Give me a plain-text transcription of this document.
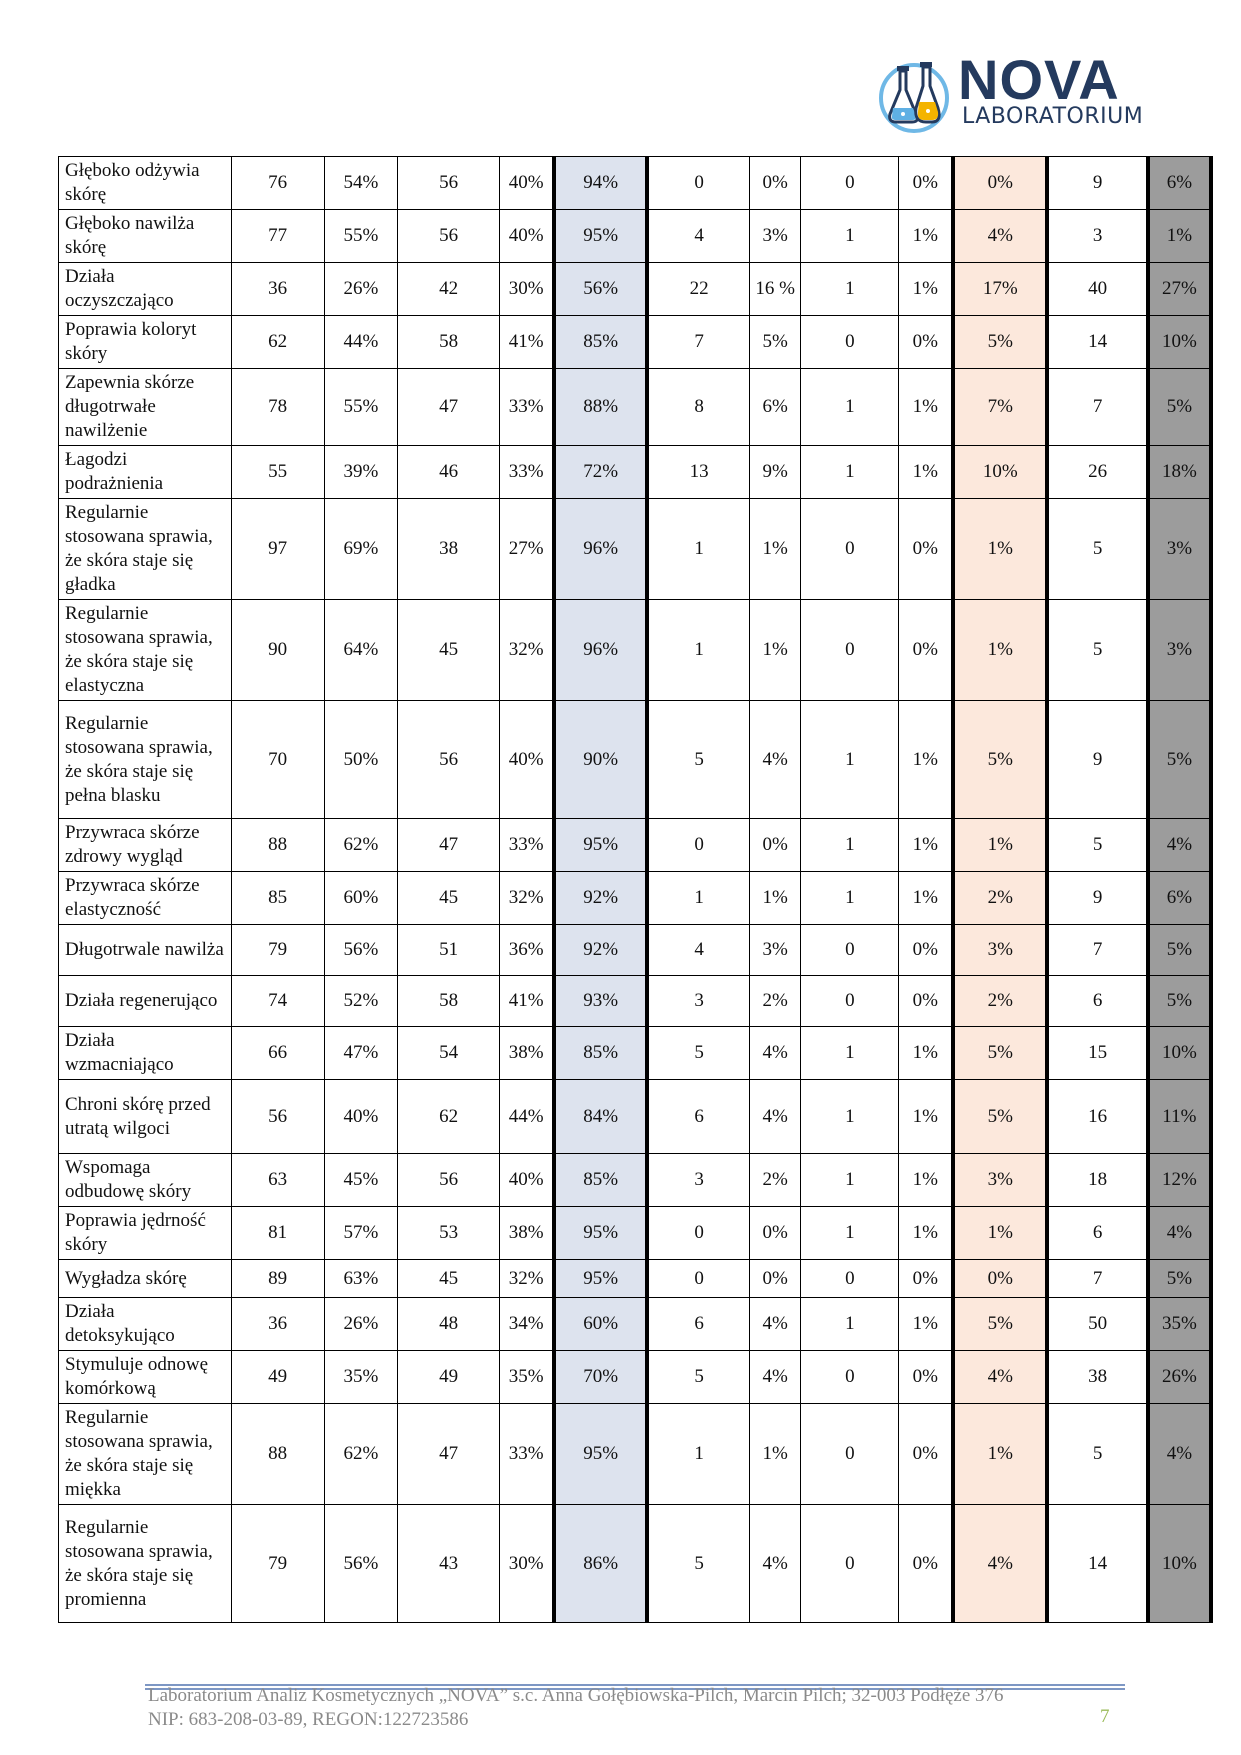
NOVA
LABORATORIUM
Głęboko odżywia skórę	76	54%	56	40%	94%	0	0%	0	0%	0%	9	6%
Głęboko nawilża skórę	77	55%	56	40%	95%	4	3%	1	1%	4%	3	1%
Działa oczyszczająco	36	26%	42	30%	56%	22	16 %	1	1%	17%	40	27%
Poprawia koloryt skóry	62	44%	58	41%	85%	7	5%	0	0%	5%	14	10%
Zapewnia skórze długotrwałe nawilżenie	78	55%	47	33%	88%	8	6%	1	1%	7%	7	5%
Łagodzi podrażnienia	55	39%	46	33%	72%	13	9%	1	1%	10%	26	18%
Regularnie stosowana sprawia, że skóra staje się gładka	97	69%	38	27%	96%	1	1%	0	0%	1%	5	3%
Regularnie stosowana sprawia, że skóra staje się elastyczna	90	64%	45	32%	96%	1	1%	0	0%	1%	5	3%
Regularnie stosowana sprawia, że skóra staje się pełna blasku	70	50%	56	40%	90%	5	4%	1	1%	5%	9	5%
Przywraca skórze zdrowy wygląd	88	62%	47	33%	95%	0	0%	1	1%	1%	5	4%
Przywraca skórze elastyczność	85	60%	45	32%	92%	1	1%	1	1%	2%	9	6%
Długotrwale nawilża	79	56%	51	36%	92%	4	3%	0	0%	3%	7	5%
Działa regenerująco	74	52%	58	41%	93%	3	2%	0	0%	2%	6	5%
Działa wzmacniająco	66	47%	54	38%	85%	5	4%	1	1%	5%	15	10%
Chroni skórę przed utratą wilgoci	56	40%	62	44%	84%	6	4%	1	1%	5%	16	11%
Wspomaga odbudowę skóry	63	45%	56	40%	85%	3	2%	1	1%	3%	18	12%
Poprawia jędrność skóry	81	57%	53	38%	95%	0	0%	1	1%	1%	6	4%
Wygładza skórę	89	63%	45	32%	95%	0	0%	0	0%	0%	7	5%
Działa detoksykująco	36	26%	48	34%	60%	6	4%	1	1%	5%	50	35%
Stymuluje odnowę komórkową	49	35%	49	35%	70%	5	4%	0	0%	4%	38	26%
Regularnie stosowana sprawia, że skóra staje się miękka	88	62%	47	33%	95%	1	1%	0	0%	1%	5	4%
Regularnie stosowana sprawia, że skóra staje się promienna	79	56%	43	30%	86%	5	4%	0	0%	4%	14	10%
Laboratorium Analiz Kosmetycznych „NOVA” s.c. Anna Gołębiowska-Pilch, Marcin Pilch; 32-003 Podłęże 376
NIP: 683-208-03-89, REGON:122723586	7
